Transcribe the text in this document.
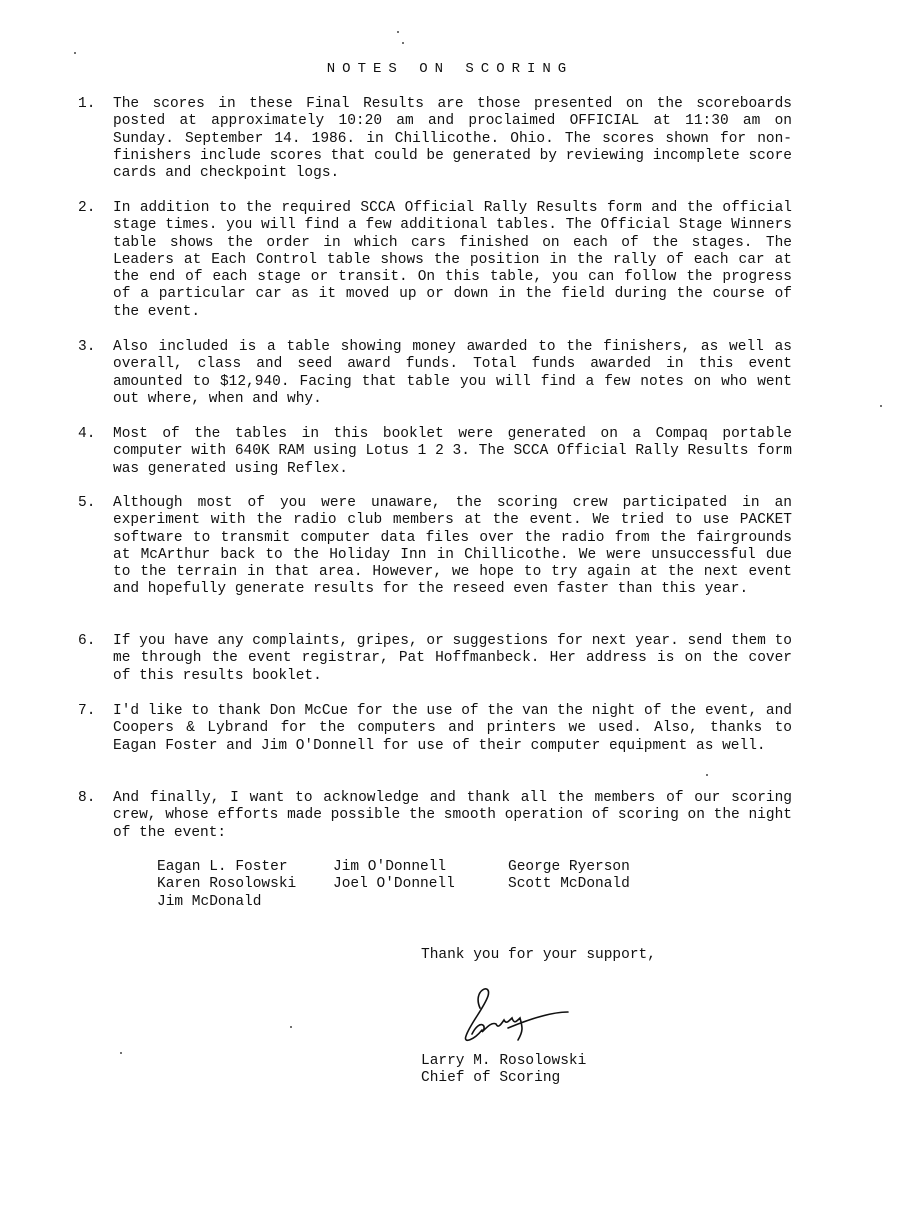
NOTES ON SCORING
1. The scores in these Final Results are those presented on the scoreboards posted at approximately 10:20 am and proclaimed OFFICIAL at 11:30 am on Sunday. September 14. 1986. in Chillicothe. Ohio. The scores shown for non-finishers include scores that could be generated by reviewing incomplete score cards and checkpoint logs.

2. In addition to the required SCCA Official Rally Results form and the official stage times. you will find a few additional tables. The Official Stage Winners table shows the order in which cars finished on each of the stages. The Leaders at Each Control table shows the position in the rally of each car at the end of each stage or transit. On this table, you can follow the progress of a particular car as it moved up or down in the field during the course of the event.

3. Also included is a table showing money awarded to the finishers, as well as overall, class and seed award funds. Total funds awarded in this event amounted to $12,940. Facing that table you will find a few notes on who went out where, when and why.

4. Most of the tables in this booklet were generated on a Compaq portable computer with 640K RAM using Lotus 1 2 3. The SCCA Official Rally Results form was generated using Reflex.

5. Although most of you were unaware, the scoring crew participated in an experiment with the radio club members at the event. We tried to use PACKET software to transmit computer data files over the radio from the fairgrounds at McArthur back to the Holiday Inn in Chillicothe. We were unsuccessful due to the terrain in that area. However, we hope to try again at the next event and hopefully generate results for the reseed even faster than this year.

6. If you have any complaints, gripes, or suggestions for next year. send them to me through the event registrar, Pat Hoffmanbeck. Her address is on the cover of this results booklet.

7. I'd like to thank Don McCue for the use of the van the night of the event, and Coopers & Lybrand for the computers and printers we used. Also, thanks to Eagan Foster and Jim O'Donnell for use of their computer equipment as well.

8. And finally, I want to acknowledge and thank all the members of our scoring crew, whose efforts made possible the smooth operation of scoring on the night of the event:

Eagan L. Foster	Jim O'Donnell	George Ryerson
Karen Rosolowski	Joel O'Donnell	Scott McDonald
Jim McDonald
Thank you for your support,
Larry M. Rosolowski
Chief of Scoring
